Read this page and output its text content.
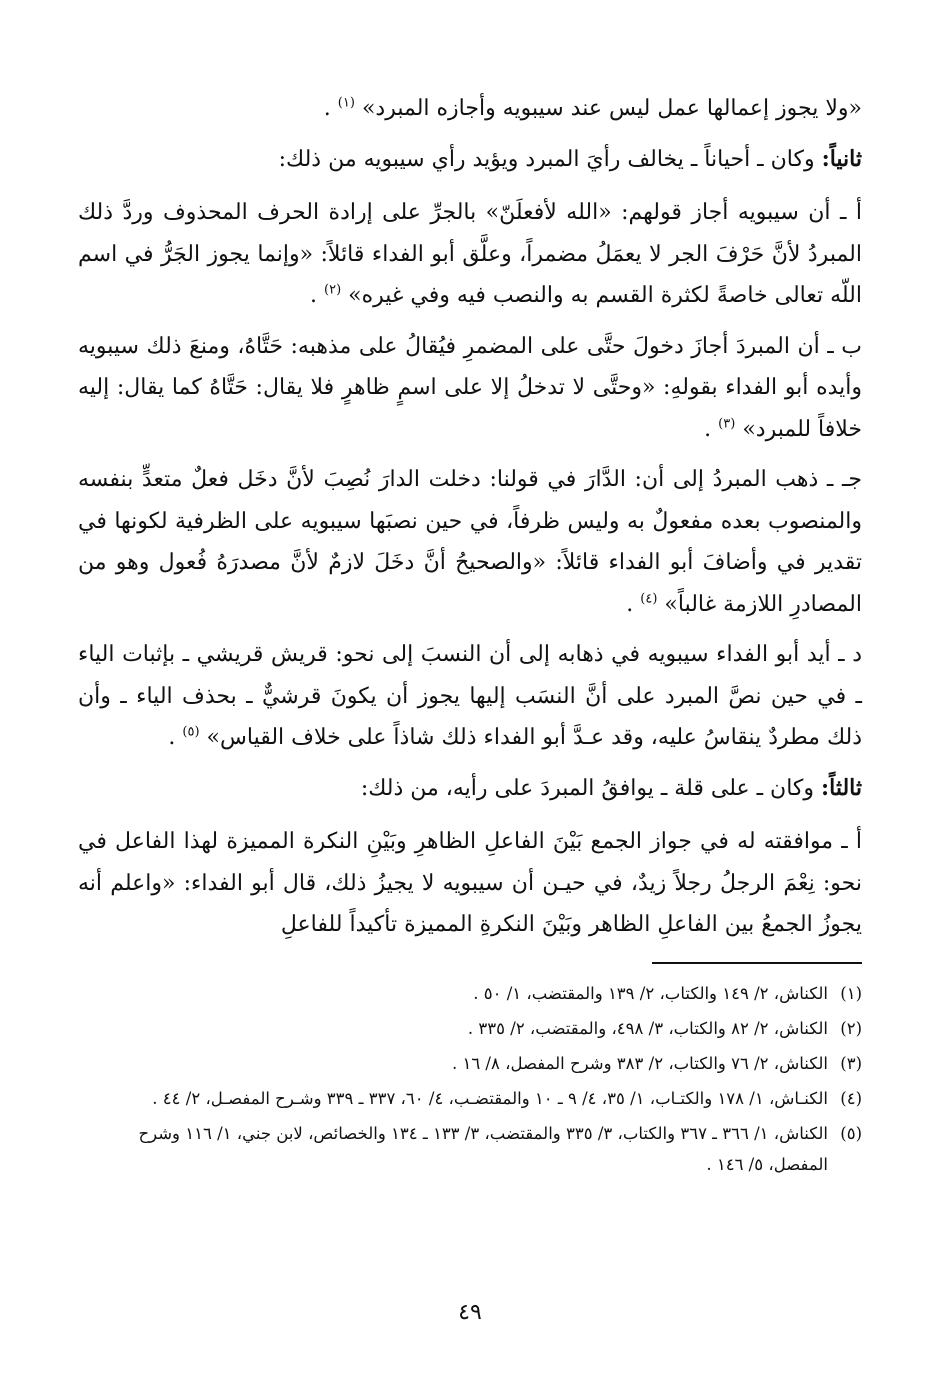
«ولا يجوز إعمالها عمل ليس عند سيبويه وأجازه المبرد» $^{(١)}$ .

ثانياً: وكان ـ أحياناً ـ يخالف رأيَ المبرد ويؤيد رأي سيبويه من ذلك:

أ ـ أن سيبويه أجاز قولهم: «الله لأفعلَنّ» بالجرِّ على إرادة الحرف المحذوف وردَّ ذلك المبردُ لأنَّ حَرْفَ الجر لا يعمَلُ مضمراً، وعلَّق أبو الفداء قائلاً: «وإنما يجوز الجَرُّ في اسم اللّه تعالى خاصةً لكثرة القسم به والنصب فيه وفي غيره» $^{(٢)}$ .

ب ـ أن المبردَ أجازَ دخولَ حتَّى على المضمرِ فيُقالُ على مذهبه: حَتَّاهُ، ومنعَ ذلك سيبويه وأيده أبو الفداء بقولهِ: «وحتَّى لا تدخلُ إلا على اسمٍ ظاهرٍ فلا يقال: حَتَّاهُ كما يقال: إليه خلافاً للمبرد» $^{(٣)}$ .

جـ ـ ذهب المبردُ إلى أن: الدَّارَ في قولنا: دخلت الدارَ نُصِبَ لأنَّ دخَل فعلٌ متعدٍّ بنفسه والمنصوب بعده مفعولٌ به وليس ظرفاً، في حين نصبَها سيبويه على الظرفية لكونها في تقدير في وأضافَ أبو الفداء قائلاً: «والصحيحُ أنَّ دخَلَ لازمٌ لأنَّ مصدرَهُ فُعول وهو من المصادرِ اللازمة غالباً» $^{(٤)}$ .

د ـ أيد أبو الفداء سيبويه في ذهابه إلى أن النسبَ إلى نحو: قريش قريشي ـ بإثبات الياء ـ في حين نصَّ المبرد على أنَّ النسَب إليها يجوز أن يكونَ قرشيٌّ ـ بحذف الياء ـ وأن ذلك مطردٌ ينقاسُ عليه، وقد عـدَّ أبو الفداء ذلك شاذاً على خلاف القياس» $^{(٥)}$ .

ثالثاً: وكان ـ على قلة ـ يوافقُ المبردَ على رأيه، من ذلك:

أ ـ موافقته له في جواز الجمع بَيْنَ الفاعلِ الظاهرِ وبَيْنِ النكرة المميزة لهذا الفاعل في نحو: نِعْمَ الرجلُ رجلاً زيدٌ، في حيـن أن سيبويه لا يجيزُ ذلك، قال أبو الفداء: «واعلم أنه يجوزُ الجمعُ بين الفاعلِ الظاهر وبَيْنَ النكرةِ المميزة تأكيداً للفاعلِ

(١)
الكناش، ٢/ ١٤٩ والكتاب، ٢/ ١٣٩ والمقتضب، ١/ ٥٠ .
(٢)
الكناش، ٢/ ٨٢ والكتاب، ٣/ ٤٩٨، والمقتضب، ٢/ ٣٣٥ .
(٣)
الكناش، ٢/ ٧٦ والكتاب، ٢/ ٣٨٣ وشرح المفصل، ٨/ ١٦ .
(٤)
الكنـاش، ١/ ١٧٨ والكتـاب، ١/ ٣٥، ٤/ ٩ ـ ١٠ والمقتضـب، ٤/ ٦٠، ٣٣٧ ـ ٣٣٩ وشـرح المفصـل، ٢/ ٤٤ .
(٥)
الكناش، ١/ ٣٦٦ ـ ٣٦٧ والكتاب، ٣/ ٣٣٥ والمقتضب، ٣/ ١٣٣ ـ ١٣٤ والخصائص، لابن جني، ١/ ١١٦ وشرح المفصل، ٥/ ١٤٦ .
٤٩
